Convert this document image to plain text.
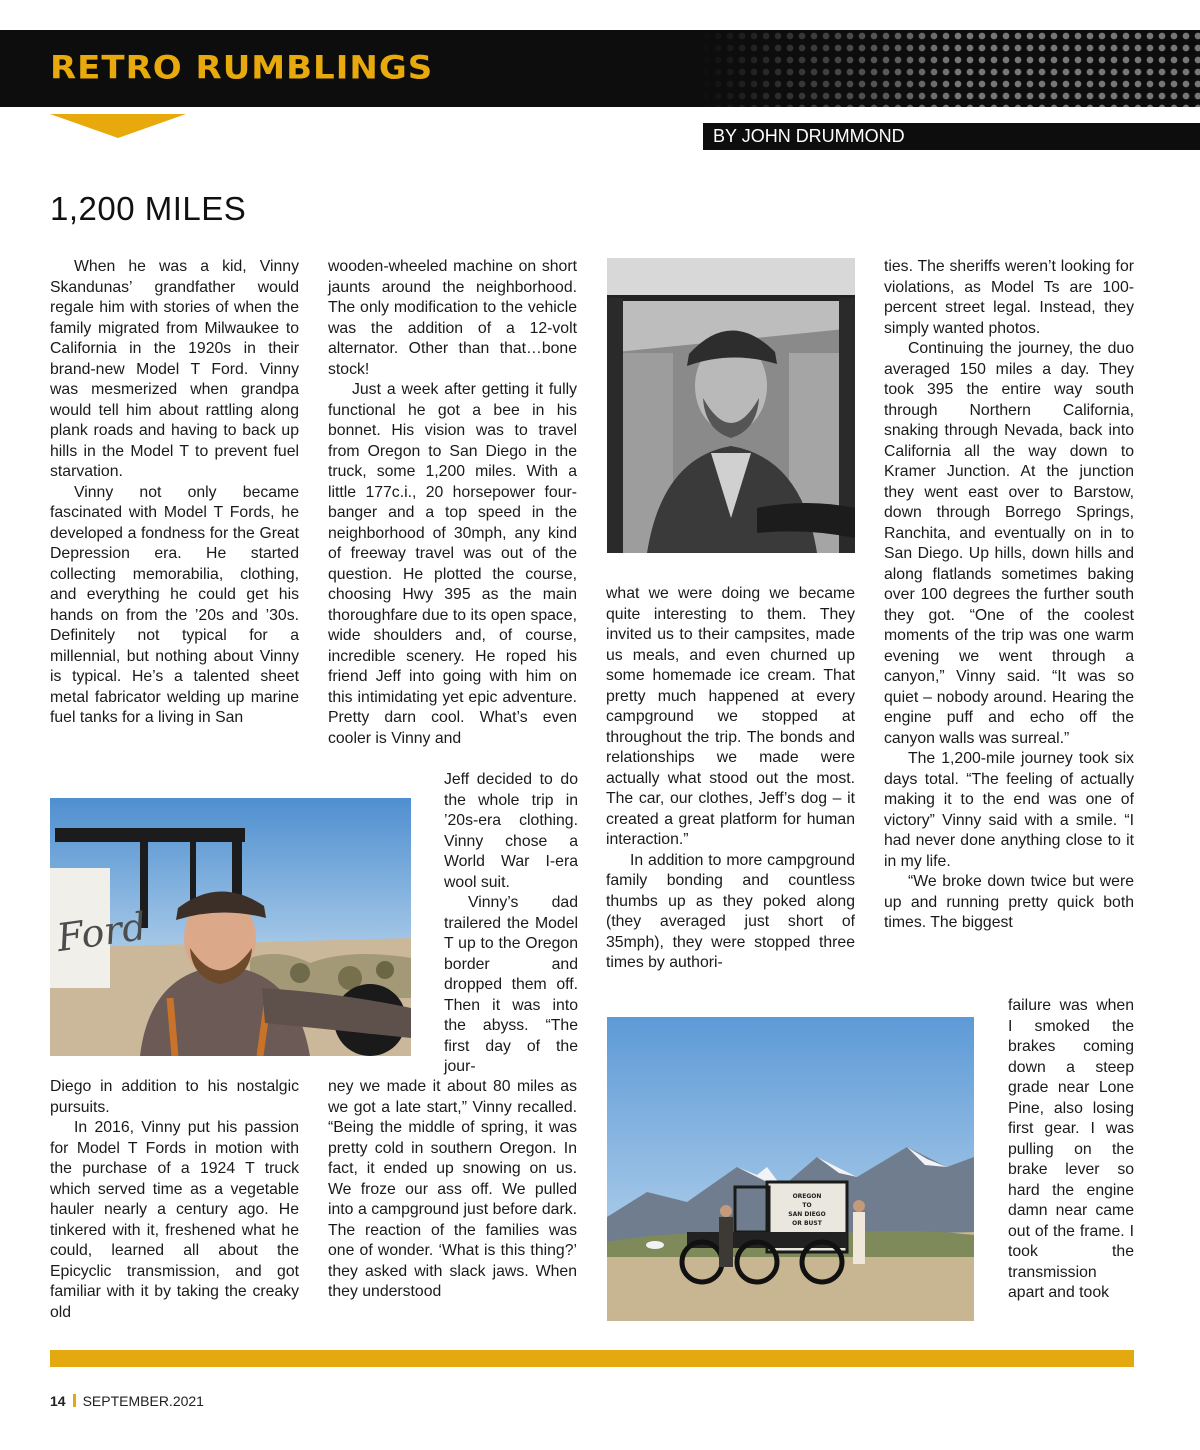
RETRO RUMBLINGS
BY JOHN DRUMMOND
1,200 MILES

When he was a kid, Vinny Skandunas’ grandfather would regale him with stories of when the family migrated from Milwaukee to California in the 1920s in their brand-new Model T Ford. Vinny was mesmerized when grandpa would tell him about rattling along plank roads and having to back up hills in the Model T to prevent fuel starvation.

Vinny not only became fascinated with Model T Fords, he developed a fondness for the Great Depression era. He started collecting memorabilia, clothing, and everything he could get his hands on from the ’20s and ’30s. Definitely not typical for a millennial, but nothing about Vinny is typical. He’s a talented sheet metal fabricator welding up marine fuel tanks for a living in San

Ford

Diego in addition to his nostalgic pursuits.

In 2016, Vinny put his passion for Model T Fords in motion with the purchase of a 1924 T truck which served time as a vegetable hauler nearly a century ago. He tinkered with it, freshened what he could, learned all about the Epicyclic transmission, and got familiar with it by taking the creaky old

wooden-wheeled machine on short jaunts around the neighborhood. The only modification to the vehicle was the addition of a 12-volt alternator. Other than that…bone stock!

Just a week after getting it fully functional he got a bee in his bonnet. His vision was to travel from Oregon to San Diego in the truck, some 1,200 miles. With a little 177c.i., 20 horsepower four-banger and a top speed in the neighborhood of 30mph, any kind of freeway travel was out of the question. He plotted the course, choosing Hwy 395 as the main thoroughfare due to its open space, wide shoulders and, of course, incredible scenery. He roped his friend Jeff into going with him on this intimidating yet epic adventure. Pretty darn cool. What’s even cooler is Vinny and

Jeff decided to do the whole trip in ’20s-era clothing. Vinny chose a World War I-era wool suit.

Vinny’s dad trailered the Model T up to the Oregon border and dropped them off. Then it was into the abyss. “The first day of the jour-

ney we made it about 80 miles as we got a late start,” Vinny recalled. “Being the middle of spring, it was pretty cold in southern Oregon. In fact, it ended up snowing on us. We froze our ass off. We pulled into a campground just before dark. The reaction of the families was one of wonder. ‘What is this thing?’ they asked with slack jaws. When they understood

what we were doing we became quite interesting to them. They invited us to their campsites, made us meals, and even churned up some homemade ice cream. That pretty much happened at every campground we stopped at throughout the trip. The bonds and relationships we made were actually what stood out the most. The car, our clothes, Jeff’s dog – it created a great platform for human interaction.”

In addition to more campground family bonding and countless thumbs up as they poked along (they averaged just short of 35mph), they were stopped three times by authori-

OREGON
TO
SAN DIEGO
OR BUST

ties. The sheriffs weren’t looking for violations, as Model Ts are 100-percent street legal. Instead, they simply wanted photos.

Continuing the journey, the duo averaged 150 miles a day. They took 395 the entire way south through Northern California, snaking through Nevada, back into California all the way down to Kramer Junction. At the junction they went east over to Barstow, down through Borrego Springs, Ranchita, and eventually on in to San Diego. Up hills, down hills and along flatlands sometimes baking over 100 degrees the further south they got. “One of the coolest moments of the trip was one warm evening we went through a canyon,” Vinny said. “It was so quiet – nobody around. Hearing the engine puff and echo off the canyon walls was surreal.”

The 1,200-mile journey took six days total. “The feeling of actually making it to the end was one of victory” Vinny said with a smile. “I had never done anything close to it in my life.

“We broke down twice but were up and running pretty quick both times. The biggest

failure was when I smoked the brakes coming down a steep grade near Lone Pine, also losing first gear. I was pulling on the brake lever so hard the engine damn near came out of the frame. I took the transmission apart and took

14 SEPTEMBER.2021
